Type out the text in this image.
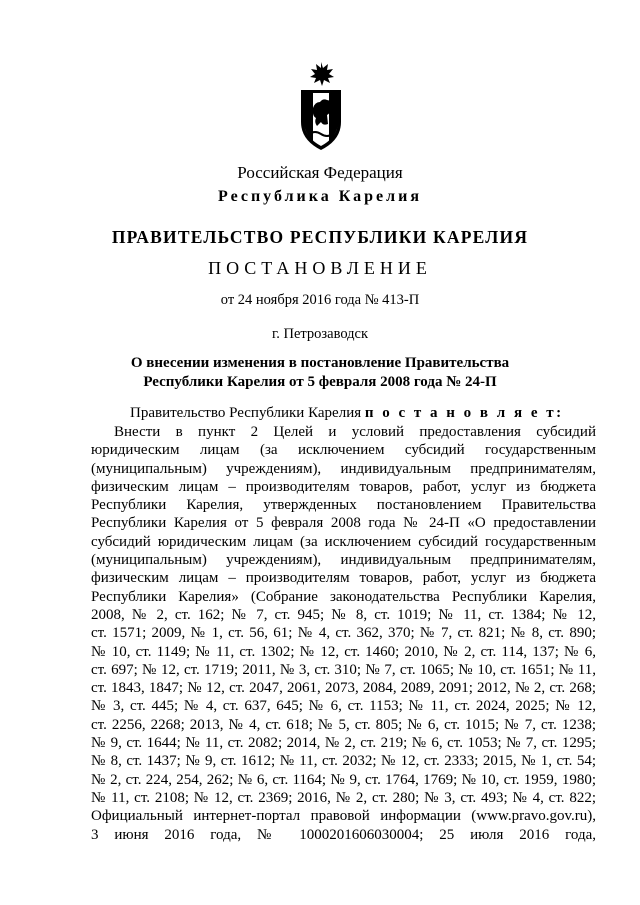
Российская Федерация
Республика Карелия
ПРАВИТЕЛЬСТВО РЕСПУБЛИКИ КАРЕЛИЯ
ПОСТАНОВЛЕНИЕ
от 24 ноября 2016 года № 413-П
г. Петрозаводск
О внесении изменения в постановление Правительства
Республики Карелия от 5 февраля 2008 года № 24-П
Правительство Республики Карелия п о с т а н о в л я е т:
Внести в пункт 2 Целей и условий предоставления субсидий
юридическим лицам (за исключением субсидий государственным
(муниципальным) учреждениям), индивидуальным предпринимателям,
физическим лицам – производителям товаров, работ, услуг из бюджета
Республики Карелия, утвержденных постановлением Правительства
Республики Карелия от 5 февраля 2008 года № 24-П «О предоставлении
субсидий юридическим лицам (за исключением субсидий государственным
(муниципальным) учреждениям), индивидуальным предпринимателям,
физическим лицам – производителям товаров, работ, услуг из бюджета
Республики Карелия» (Собрание законодательства Республики Карелия,
2008, № 2, ст. 162; № 7, ст. 945; № 8, ст. 1019; № 11, ст. 1384; № 12,
ст. 1571; 2009, № 1, ст. 56, 61; № 4, ст. 362, 370; № 7, ст. 821; № 8, ст. 890;
№ 10, ст. 1149; № 11, ст. 1302; № 12, ст. 1460; 2010, № 2, ст. 114, 137; № 6,
ст. 697; № 12, ст. 1719; 2011, № 3, ст. 310; № 7, ст. 1065; № 10, ст. 1651; № 11,
ст. 1843, 1847; № 12, ст. 2047, 2061, 2073, 2084, 2089, 2091; 2012, № 2, ст. 268;
№ 3, ст. 445; № 4, ст. 637, 645; № 6, ст. 1153; № 11, ст. 2024, 2025; № 12,
ст. 2256, 2268; 2013, № 4, ст. 618; № 5, ст. 805; № 6, ст. 1015; № 7, ст. 1238;
№ 9, ст. 1644; № 11, ст. 2082; 2014, № 2, ст. 219; № 6, ст. 1053; № 7, ст. 1295;
№ 8, ст. 1437; № 9, ст. 1612; № 11, ст. 2032; № 12, ст. 2333; 2015, № 1, ст. 54;
№ 2, ст. 224, 254, 262; № 6, ст. 1164; № 9, ст. 1764, 1769; № 10, ст. 1959, 1980;
№ 11, ст. 2108; № 12, ст. 2369; 2016, № 2, ст. 280; № 3, ст. 493; № 4, ст. 822;
Официальный интернет-портал правовой информации (www.pravo.gov.ru),
3 июня 2016 года, № 1000201606030004; 25 июля 2016 года,
